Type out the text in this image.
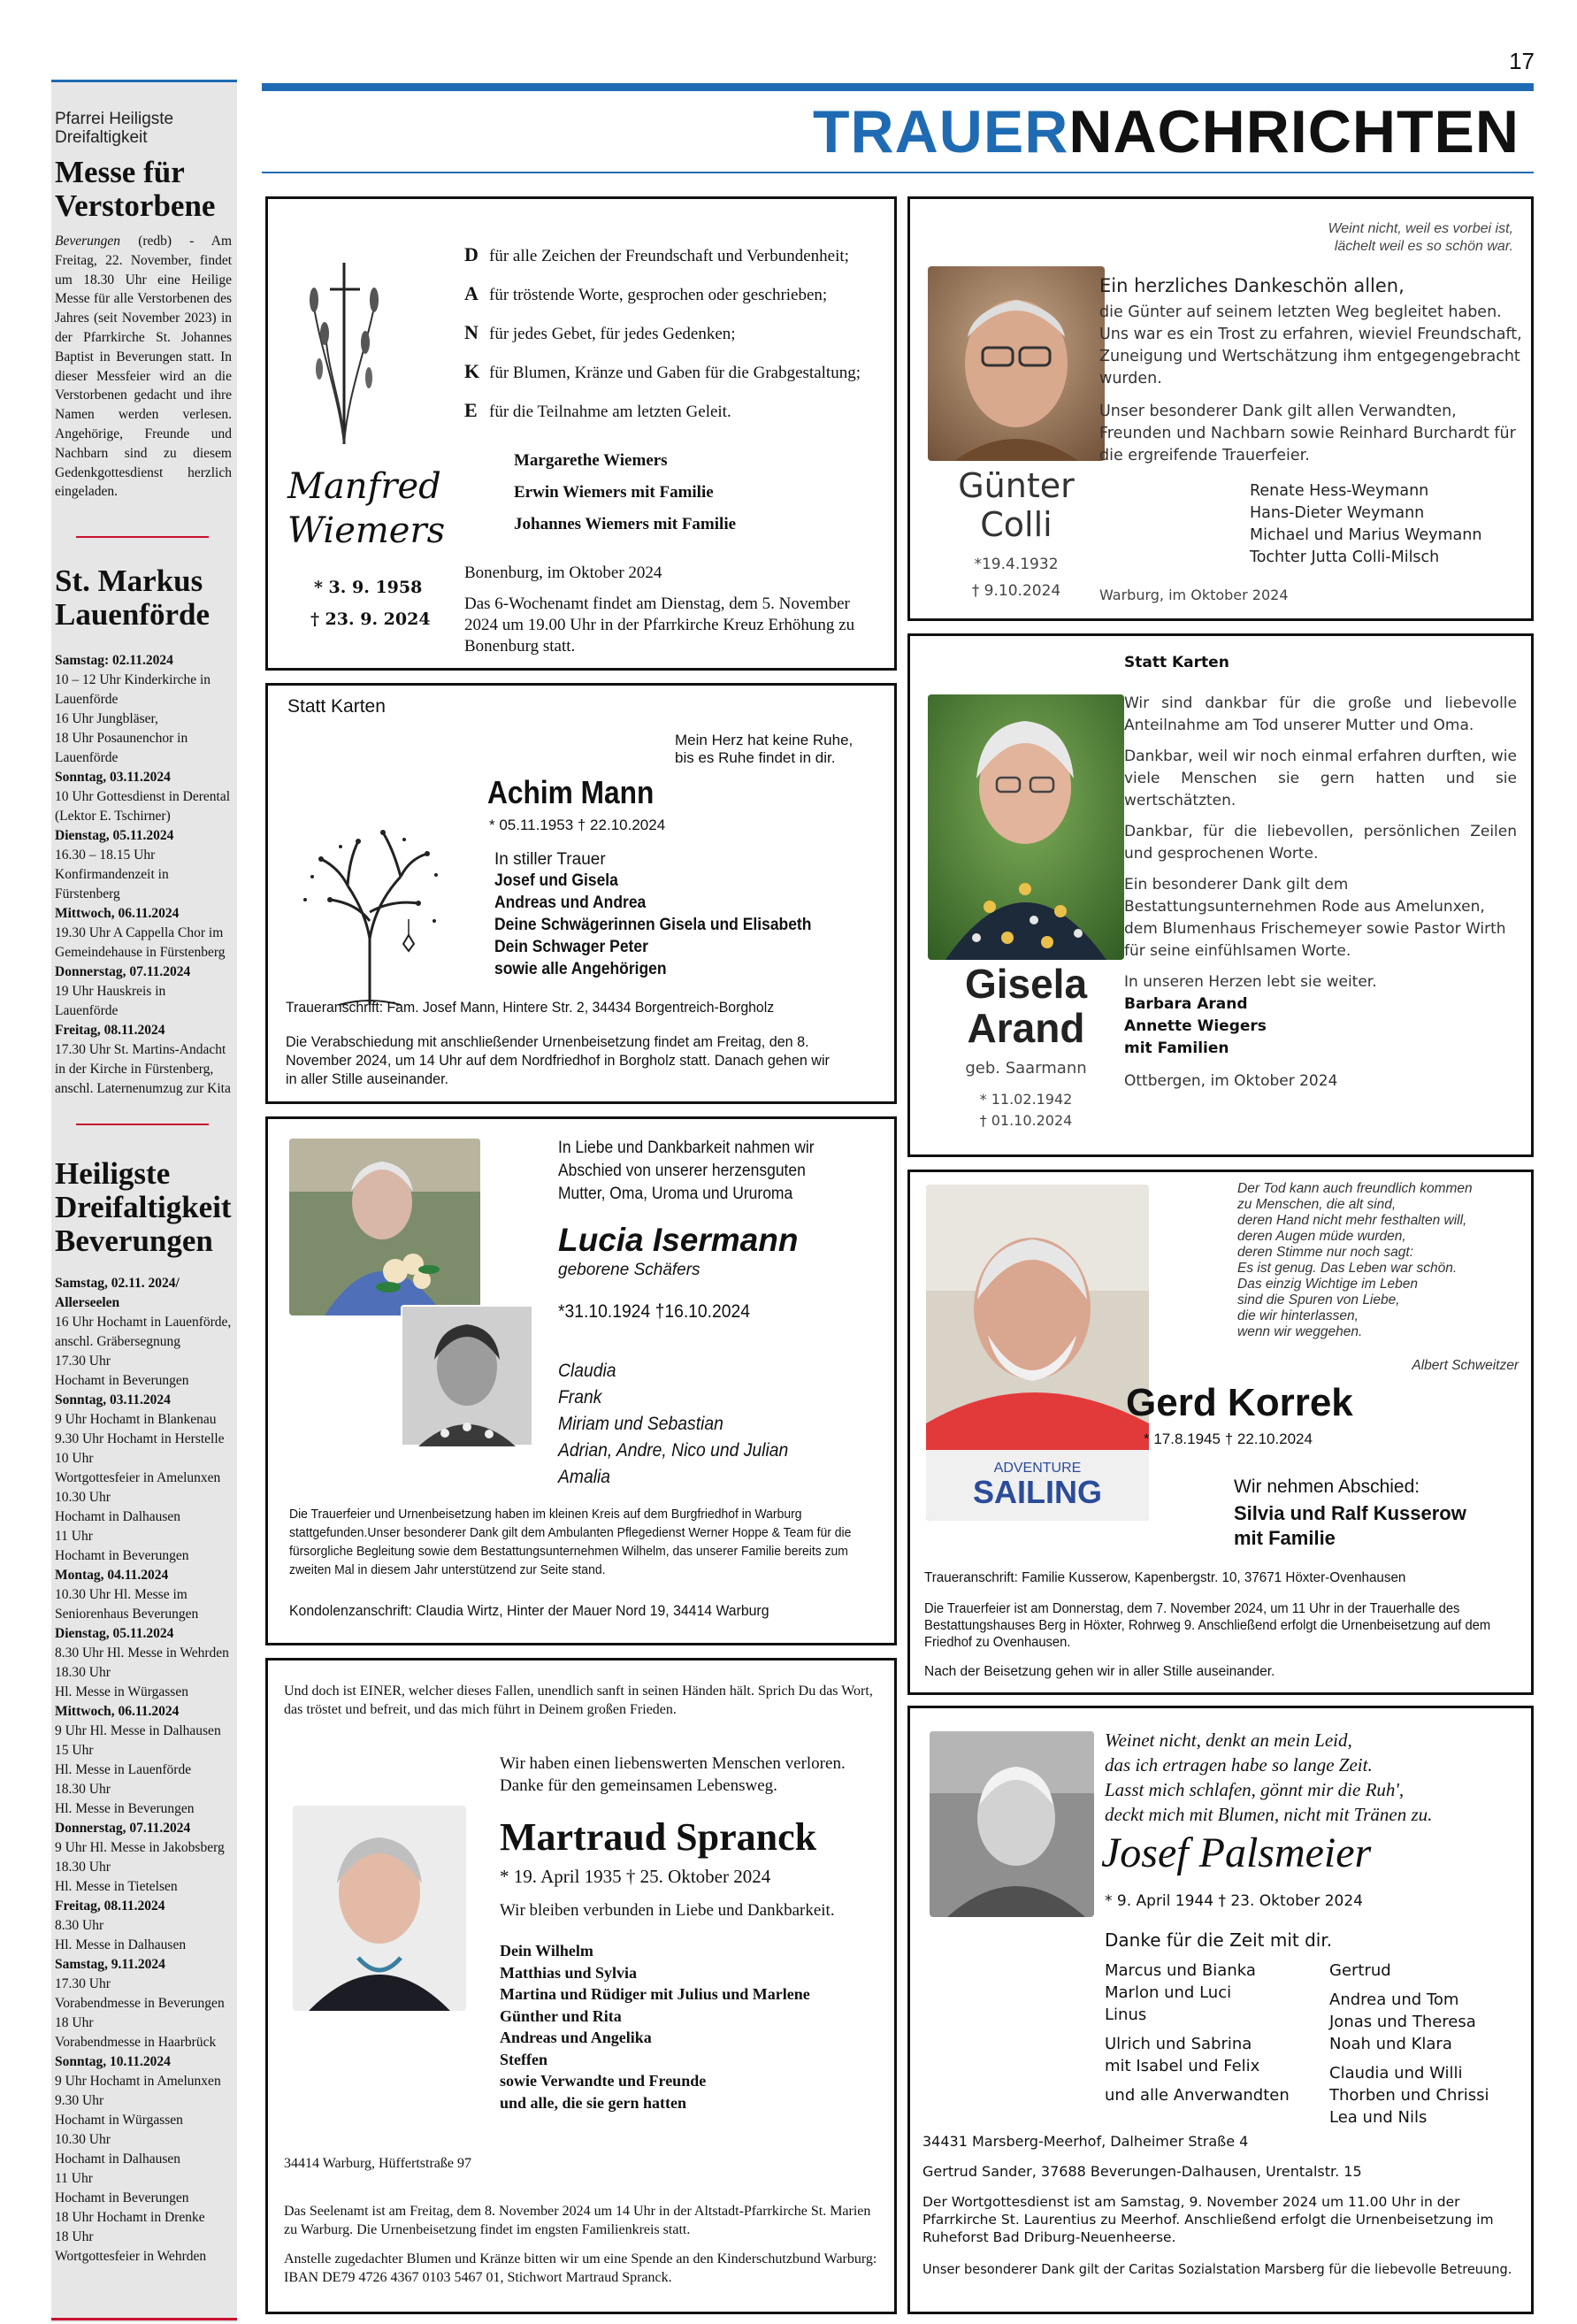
17
TRAUERNACHRICHTEN
Pfarrei Heiligste Dreifaltigkeit
Messe für Verstorbene
Beverungen (redb) - Am Freitag, 22. November, findet um 18.30 Uhr eine Heilige Messe für alle Verstorbenen des Jahres (seit November 2023) in der Pfarrkirche St. Johannes Baptist in Beverungen statt. In dieser Messfeier wird an die Verstorbenen gedacht und ihre Namen werden verlesen. Angehörige, Freunde und Nachbarn sind zu diesem Gedenkgottesdienst herzlich eingeladen.
St. Markus Lauenförde
Samstag: 02.11.2024
10 – 12 Uhr Kinderkirche in Lauenförde
16 Uhr Jungbläser,
18 Uhr Posaunenchor in Lauenförde
Sonntag, 03.11.2024
10 Uhr Gottesdienst in Derental (Lektor E. Tschirner)
Dienstag, 05.11.2024
16.30 – 18.15 Uhr Konfirmandenzeit in Fürstenberg
Mittwoch, 06.11.2024
19.30 Uhr A Cappella Chor im Gemeindehause in Fürstenberg
Donnerstag, 07.11.2024
19 Uhr Hauskreis in Lauenförde
Freitag, 08.11.2024
17.30 Uhr St. Martins-Andacht in der Kirche in Fürstenberg, anschl. Laternenumzug zur Kita
Heiligste Dreifaltigkeit Beverungen
Samstag, 02.11. 2024/ Allerseelen
16 Uhr Hochamt in Lauenförde, anschl. Gräbersegnung
17.30 Uhr
Hochamt in Beverungen
Sonntag, 03.11.2024
9 Uhr Hochamt in Blankenau
9.30 Uhr Hochamt in Herstelle
10 Uhr
Wortgottesfeier in Amelunxen
10.30 Uhr
Hochamt in Dalhausen
11 Uhr
Hochamt in Beverungen
Montag, 04.11.2024
10.30 Uhr Hl. Messe im Seniorenhaus Beverungen
Dienstag, 05.11.2024
8.30 Uhr Hl. Messe in Wehrden
18.30 Uhr
Hl. Messe in Würgassen
Mittwoch, 06.11.2024
9 Uhr Hl. Messe in Dalhausen
15 Uhr
Hl. Messe in Lauenförde
18.30 Uhr
Hl. Messe in Beverungen
Donnerstag, 07.11.2024
9 Uhr Hl. Messe in Jakobsberg
18.30 Uhr
Hl. Messe in Tietelsen
Freitag, 08.11.2024
8.30 Uhr
Hl. Messe in Dalhausen
Samstag, 9.11.2024
17.30 Uhr
Vorabendmesse in Beverungen
18 Uhr
Vorabendmesse in Haarbrück
Sonntag, 10.11.2024
9 Uhr Hochamt in Amelunxen
9.30 Uhr
Hochamt in Würgassen
10.30 Uhr
Hochamt in Dalhausen
11 Uhr
Hochamt in Beverungen
18 Uhr Hochamt in Drenke
18 Uhr
Wortgottesfeier in Wehrden
Manfred
Wiemers
* 3. 9. 1958
† 23. 9. 2024
D für alle Zeichen der Freundschaft und Verbundenheit;
A für tröstende Worte, gesprochen oder geschrieben;
N für jedes Gebet, für jedes Gedenken;
K für Blumen, Kränze und Gaben für die Grabgestaltung;
E für die Teilnahme am letzten Geleit.
Margarethe Wiemers
Erwin Wiemers mit Familie
Johannes Wiemers mit Familie
Bonenburg, im Oktober 2024
Das 6-Wochenamt findet am Dienstag, dem 5. November 2024 um 19.00 Uhr in der Pfarrkirche Kreuz Erhöhung zu Bonenburg statt.
Weint nicht, weil es vorbei ist,
lächelt weil es so schön war.
Günter
Colli
*19.4.1932
† 9.10.2024
Ein herzliches Dankeschön allen,
die Günter auf seinem letzten Weg begleitet haben. Uns war es ein Trost zu erfahren, wieviel Freundschaft, Zuneigung und Wertschätzung ihm entgegengebracht wurden.
Unser besonderer Dank gilt allen Verwandten, Freunden und Nachbarn sowie Reinhard Burchardt für die ergreifende Trauerfeier.
Renate Hess-Weymann
Hans-Dieter Weymann
Michael und Marius Weymann
Tochter Jutta Colli-Milsch
Warburg, im Oktober 2024
Statt Karten
Mein Herz hat keine Ruhe,
bis es Ruhe findet in dir.
Achim Mann
* 05.11.1953 † 22.10.2024
In stiller Trauer
Josef und Gisela
Andreas und Andrea
Deine Schwägerinnen Gisela und Elisabeth
Dein Schwager Peter
sowie alle Angehörigen
Traueranschrift: Fam. Josef Mann, Hintere Str. 2, 34434 Borgentreich-Borgholz
Die Verabschiedung mit anschließender Urnenbeisetzung findet am Freitag, den 8. November 2024, um 14 Uhr auf dem Nordfriedhof in Borgholz statt. Danach gehen wir in aller Stille auseinander.
Gisela
Arand
geb. Saarmann
* 11.02.1942
† 01.10.2024
Statt Karten
Wir sind dankbar für die große und liebevolle Anteilnahme am Tod unserer Mutter und Oma.
Dankbar, weil wir noch einmal erfahren durften, wie viele Menschen sie gern hatten und sie wertschätzten.
Dankbar, für die liebevollen, persönlichen Zeilen und gesprochenen Worte.
Ein besonderer Dank gilt dem Bestattungsunternehmen Rode aus Amelunxen, dem Blumenhaus Frischemeyer sowie Pastor Wirth für seine einfühlsamen Worte.
In unseren Herzen lebt sie weiter.
Barbara Arand
Annette Wiegers
mit Familien
Ottbergen, im Oktober 2024
In Liebe und Dankbarkeit nahmen wir Abschied von unserer herzensguten Mutter, Oma, Uroma und Ururoma
Lucia Isermann
geborene Schäfers
*31.10.1924 †16.10.2024
Claudia
Frank
Miriam und Sebastian
Adrian, Andre, Nico und Julian
Amalia
Die Trauerfeier und Urnenbeisetzung haben im kleinen Kreis auf dem Burgfriedhof in Warburg stattgefunden.Unser besonderer Dank gilt dem Ambulanten Pflegedienst Werner Hoppe & Team für die fürsorgliche Begleitung sowie dem Bestattungsunternehmen Wilhelm, das unserer Familie bereits zum zweiten Mal in diesem Jahr unterstützend zur Seite stand.
Kondolenzanschrift: Claudia Wirtz, Hinter der Mauer Nord 19, 34414 Warburg
ADVENTURE
SAILING
Der Tod kann auch freundlich kommen
zu Menschen, die alt sind,
deren Hand nicht mehr festhalten will,
deren Augen müde wurden,
deren Stimme nur noch sagt:
Es ist genug. Das Leben war schön.
Das einzig Wichtige im Leben
sind die Spuren von Liebe,
die wir hinterlassen,
wenn wir weggehen.
Albert Schweitzer
Gerd Korrek
* 17.8.1945 † 22.10.2024
Wir nehmen Abschied:
Silvia und Ralf Kusserow
mit Familie
Traueranschrift: Familie Kusserow, Kapenbergstr. 10, 37671 Höxter-Ovenhausen
Die Trauerfeier ist am Donnerstag, dem 7. November 2024, um 11 Uhr in der Trauerhalle des Bestattungshauses Berg in Höxter, Rohrweg 9. Anschließend erfolgt die Urnenbeisetzung auf dem Friedhof zu Ovenhausen.
Nach der Beisetzung gehen wir in aller Stille auseinander.
Und doch ist EINER, welcher dieses Fallen, unendlich sanft in seinen Händen hält. Sprich Du das Wort, das tröstet und befreit, und das mich führt in Deinem großen Frieden.
Wir haben einen liebenswerten Menschen verloren. Danke für den gemeinsamen Lebensweg.
Martraud Spranck
* 19. April 1935 † 25. Oktober 2024
Wir bleiben verbunden in Liebe und Dankbarkeit.
Dein Wilhelm
Matthias und Sylvia
Martina und Rüdiger mit Julius und Marlene
Günther und Rita
Andreas und Angelika
Steffen
sowie Verwandte und Freunde
und alle, die sie gern hatten
34414 Warburg, Hüffertstraße 97
Das Seelenamt ist am Freitag, dem 8. November 2024 um 14 Uhr in der Altstadt-Pfarrkirche St. Marien zu Warburg. Die Urnenbeisetzung findet im engsten Familienkreis statt.
Anstelle zugedachter Blumen und Kränze bitten wir um eine Spende an den Kinderschutzbund Warburg: IBAN DE79 4726 4367 0103 5467 01, Stichwort Martraud Spranck.
Weinet nicht, denkt an mein Leid,
das ich ertragen habe so lange Zeit.
Lasst mich schlafen, gönnt mir die Ruh',
deckt mich mit Blumen, nicht mit Tränen zu.
Josef Palsmeier
* 9. April 1944 † 23. Oktober 2024
Danke für die Zeit mit dir.
Marcus und Bianka
Marlon und Luci
Linus
Ulrich und Sabrina
mit Isabel und Felix
und alle Anverwandten
Gertrud
Andrea und Tom
Jonas und Theresa
Noah und Klara
Claudia und Willi
Thorben und Chrissi
Lea und Nils
34431 Marsberg-Meerhof, Dalheimer Straße 4
Gertrud Sander, 37688 Beverungen-Dalhausen, Urentalstr. 15
Der Wortgottesdienst ist am Samstag, 9. November 2024 um 11.00 Uhr in der Pfarrkirche St. Laurentius zu Meerhof. Anschließend erfolgt die Urnenbeisetzung im Ruheforst Bad Driburg-Neuenheerse.
Unser besonderer Dank gilt der Caritas Sozialstation Marsberg für die liebevolle Betreuung.
